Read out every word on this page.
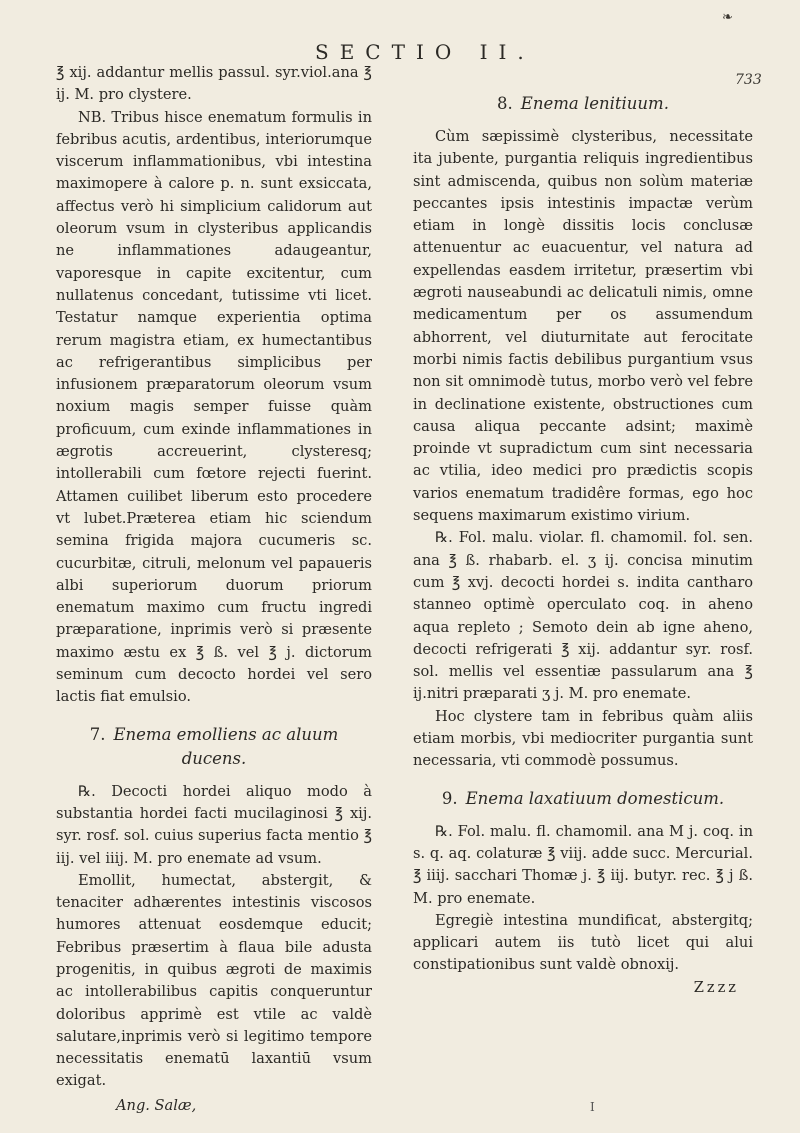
❧
SECTIO II.
733

℥ xij. addantur mellis passul. syr.viol.ana ℥ ij. M. pro clystere.

NB. Tribus hisce enematum formulis in febribus acutis, ardentibus, interiorumque viscerum inflammationibus, vbi intestina maximopere à calore p. n. sunt exsiccata, affectus verò hi simplicium calidorum aut oleorum vsum in clysteribus applicandis ne inflammationes adaugeantur, vaporesque in capite excitentur, cum nullatenus concedant, tutissime vti licet. Testatur namque experientia optima rerum magistra etiam, ex humectantibus ac refrigerantibus simplicibus per infusionem præparatorum oleorum vsum noxium magis semper fuisse quàm proficuum, cum exinde inflammationes in ægrotis accreuerint, clysteresq; intollerabili cum fœtore rejecti fuerint. Attamen cuilibet liberum esto procedere vt lubet.Præterea etiam hic sciendum semina frigida majora cucumeris sc. cucurbitæ, citruli, melonum vel papaueris albi superiorum duorum priorum enematum maximo cum fructu ingredi præparatione, inprimis verò si præsente maximo æstu ex ℥ ß. vel ℥ j. dictorum seminum cum decocto hordei vel sero lactis fiat emulsio.

7. Enema emolliens ac aluum ducens.

℞. Decocti hordei aliquo modo à substantia hordei facti mucilaginosi ℥ xij. syr. rosf. sol. cuius superius facta mentio ℥ iij. vel iiij. M. pro enemate ad vsum.

Emollit, humectat, abstergit, & tenaciter adhærentes intestinis viscosos humores attenuat eosdemque educit; Febribus præsertim à flaua bile adusta progenitis, in quibus ægroti de maximis ac intollerabilibus capitis conqueruntur doloribus apprimè est vtile ac valdè salutare,inprimis verò si legitimo tempore necessitatis enematū laxantiū vsum exigat.

Ang. Salæ,
8. Enema lenitiuum.

Cùm sæpissimè clysteribus, necessitate ita jubente, purgantia reliquis ingredientibus sint admiscenda, quibus non solùm materiæ peccantes ipsis intestinis impactæ verùm etiam in longè dissitis locis conclusæ attenuentur ac euacuentur, vel natura ad expellendas easdem irritetur, præsertim vbi ægroti nauseabundi ac delicatuli nimis, omne medicamentum per os assumendum abhorrent, vel diuturnitate aut ferocitate morbi nimis factis debilibus purgantium vsus non sit omnimodè tutus, morbo verò vel febre in declinatione existente, obstructiones cum causa aliqua peccante adsint; maximè proinde vt supradictum cum sint necessaria ac vtilia, ideo medici pro prædictis scopis varios enematum tradidêre formas, ego hoc sequens maximarum existimo virium.

℞. Fol. malu. violar. fl. chamomil. fol. sen. ana ℥ ß. rhabarb. el. ʒ ij. concisa minutim cum ℥ xvj. decocti hordei s. indita cantharo stanneo optimè operculato coq. in aheno aqua repleto ; Semoto dein ab igne aheno, decocti refrigerati ℥ xij. addantur syr. rosf. sol. mellis vel essentiæ passularum ana ℥ ij.nitri præparati ʒ j. M. pro enemate.

Hoc clystere tam in febribus quàm aliis etiam morbis, vbi mediocriter purgantia sunt necessaria, vti commodè possumus.

9. Enema laxatiuum domesticum.

℞. Fol. malu. fl. chamomil. ana M j. coq. in s. q. aq. colaturæ ℥ viij. adde succ. Mercurial. ℥ iiij. sacchari Thomæ j. ℥ iij. butyr. rec. ℥ j ß. M. pro enemate.

Egregiè intestina mundificat, abstergitq; applicari autem iis tutò licet qui alui constipationibus sunt valdè obnoxij.

Zzzz
I
